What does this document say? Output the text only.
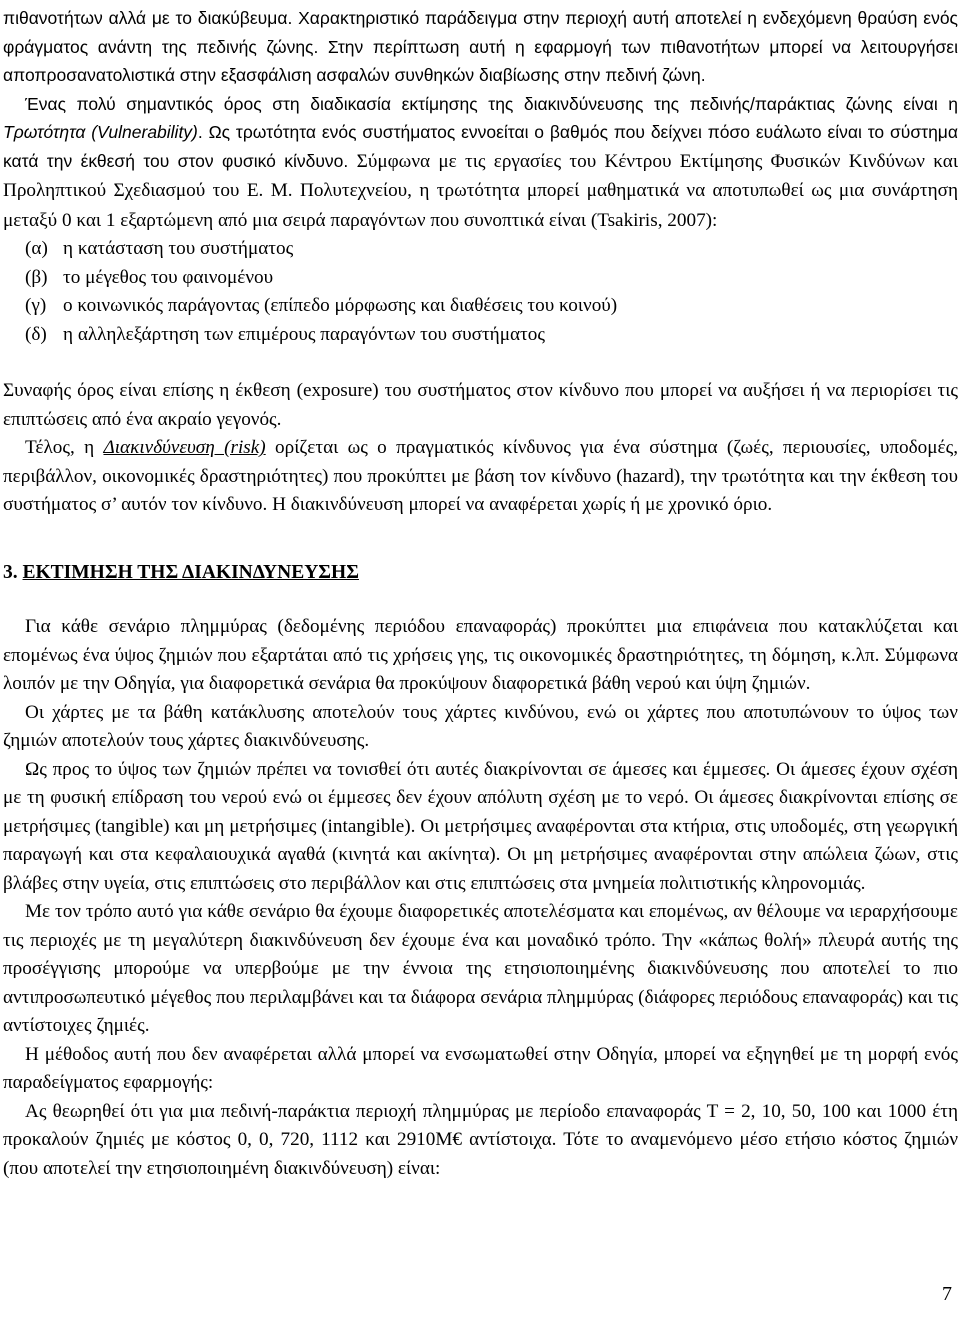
πιθανοτήτων αλλά με το διακύβευμα. Χαρακτηριστικό παράδειγμα στην περιοχή αυτή αποτελεί η ενδεχόμενη θραύση ενός φράγματος ανάντη της πεδινής ζώνης. Στην περίπτωση αυτή η εφαρμογή των πιθανοτήτων μπορεί να λειτουργήσει αποπροσανατολιστικά στην εξασφάλιση ασφαλών συνθηκών διαβίωσης στην πεδινή ζώνη.

Ένας πολύ σημαντικός όρος στη διαδικασία εκτίμησης της διακινδύνευσης της πεδινής/παράκτιας ζώνης είναι η Τρωτότητα (Vulnerability). Ως τρωτότητα ενός συστήματος εννοείται ο βαθμός που δείχνει πόσο ευάλωτο είναι το σύστημα κατά την έκθεσή του στον φυσικό κίνδυνο. Σύμφωνα με τις εργασίες του Κέντρου Εκτίμησης Φυσικών Κινδύνων και Προληπτικού Σχεδιασμού του Ε. Μ. Πολυτεχνείου, η τρωτότητα μπορεί μαθηματικά να αποτυπωθεί ως μια συνάρτηση μεταξύ 0 και 1 εξαρτώμενη από μια σειρά παραγόντων που συνοπτικά είναι (Tsakiris, 2007):

(α) η κατάσταση του συστήματος
(β) το μέγεθος του φαινομένου
(γ) ο κοινωνικός παράγοντας (επίπεδο μόρφωσης και διαθέσεις του κοινού)
(δ) η αλληλεξάρτηση των επιμέρους παραγόντων του συστήματος

Συναφής όρος είναι επίσης η έκθεση (exposure) του συστήματος στον κίνδυνο που μπορεί να αυξήσει ή να περιορίσει τις επιπτώσεις από ένα ακραίο γεγονός.

Τέλος, η Διακινδύνευση (risk) ορίζεται ως ο πραγματικός κίνδυνος για ένα σύστημα (ζωές, περιουσίες, υποδομές, περιβάλλον, οικονομικές δραστηριότητες) που προκύπτει με βάση τον κίνδυνο (hazard), την τρωτότητα και την έκθεση του συστήματος σ’ αυτόν τον κίνδυνο. Η διακινδύνευση μπορεί να αναφέρεται χωρίς ή με χρονικό όριο.

3. ΕΚΤΙΜΗΣΗ ΤΗΣ ΔΙΑΚΙΝΔΥΝΕΥΣΗΣ

Για κάθε σενάριο πλημμύρας (δεδομένης περιόδου επαναφοράς) προκύπτει μια επιφάνεια που κατακλύζεται και επομένως ένα ύψος ζημιών που εξαρτάται από τις χρήσεις γης, τις οικονομικές δραστηριότητες, τη δόμηση, κ.λπ. Σύμφωνα λοιπόν με την Οδηγία, για διαφορετικά σενάρια θα προκύψουν διαφορετικά βάθη νερού και ύψη ζημιών.

Οι χάρτες με τα βάθη κατάκλυσης αποτελούν τους χάρτες κινδύνου, ενώ οι χάρτες που αποτυπώνουν το ύψος των ζημιών αποτελούν τους χάρτες διακινδύνευσης.

Ως προς το ύψος των ζημιών πρέπει να τονισθεί ότι αυτές διακρίνονται σε άμεσες και έμμεσες. Οι άμεσες έχουν σχέση με τη φυσική επίδραση του νερού ενώ οι έμμεσες δεν έχουν απόλυτη σχέση με το νερό. Οι άμεσες διακρίνονται επίσης σε μετρήσιμες (tangible) και μη μετρήσιμες (intangible). Οι μετρήσιμες αναφέρονται στα κτήρια, στις υποδομές, στη γεωργική παραγωγή και στα κεφαλαιουχικά αγαθά (κινητά και ακίνητα). Οι μη μετρήσιμες αναφέρονται στην απώλεια ζώων, στις βλάβες στην υγεία, στις επιπτώσεις στο περιβάλλον και στις επιπτώσεις στα μνημεία πολιτιστικής κληρονομιάς.

Με τον τρόπο αυτό για κάθε σενάριο θα έχουμε διαφορετικές αποτελέσματα και επομένως, αν θέλουμε να ιεραρχήσουμε τις περιοχές με τη μεγαλύτερη διακινδύνευση δεν έχουμε ένα και μοναδικό τρόπο. Την «κάπως θολή» πλευρά αυτής της προσέγγισης μπορούμε να υπερβούμε με την έννοια της ετησιοποιημένης διακινδύνευσης που αποτελεί το πιο αντιπροσωπευτικό μέγεθος που περιλαμβάνει και τα διάφορα σενάρια πλημμύρας (διάφορες περιόδους επαναφοράς) και τις αντίστοιχες ζημιές.

Η μέθοδος αυτή που δεν αναφέρεται αλλά μπορεί να ενσωματωθεί στην Οδηγία, μπορεί να εξηγηθεί με τη μορφή ενός παραδείγματος εφαρμογής:

Ας θεωρηθεί ότι για μια πεδινή-παράκτια περιοχή πλημμύρας με περίοδο επαναφοράς Τ = 2, 10, 50, 100 και 1000 έτη προκαλούν ζημιές με κόστος 0, 0, 720, 1112 και 2910Μ€ αντίστοιχα. Τότε το αναμενόμενο μέσο ετήσιο κόστος ζημιών (που αποτελεί την ετησιοποιημένη διακινδύνευση) είναι:

7
